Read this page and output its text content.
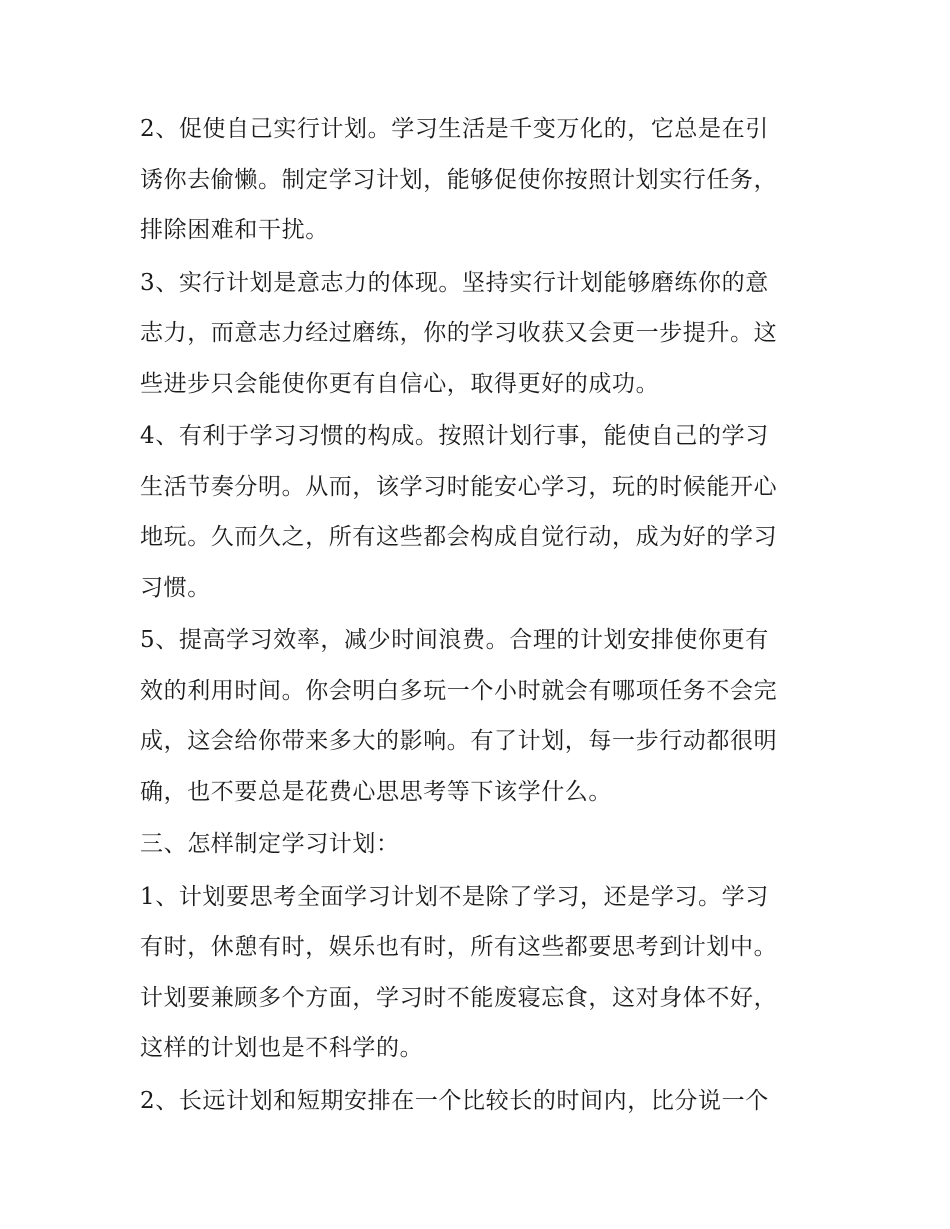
2、促使自己实行计划。学习生活是千变万化的，它总是在引
诱你去偷懒。制定学习计划，能够促使你按照计划实行任务，
排除困难和干扰。

3、实行计划是意志力的体现。坚持实行计划能够磨练你的意
志力，而意志力经过磨练，你的学习收获又会更一步提升。这
些进步只会能使你更有自信心，取得更好的成功。

4、有利于学习习惯的构成。按照计划行事，能使自己的学习
生活节奏分明。从而，该学习时能安心学习，玩的时候能开心
地玩。久而久之，所有这些都会构成自觉行动，成为好的学习
习惯。

5、提高学习效率，减少时间浪费。合理的计划安排使你更有
效的利用时间。你会明白多玩一个小时就会有哪项任务不会完
成，这会给你带来多大的影响。有了计划，每一步行动都很明
确，也不要总是花费心思思考等下该学什么。

三、怎样制定学习计划：

1、计划要思考全面学习计划不是除了学习，还是学习。学习
有时，休憩有时，娱乐也有时，所有这些都要思考到计划中。
计划要兼顾多个方面，学习时不能废寝忘食，这对身体不好，
这样的计划也是不科学的。

2、长远计划和短期安排在一个比较长的时间内，比分说一个
